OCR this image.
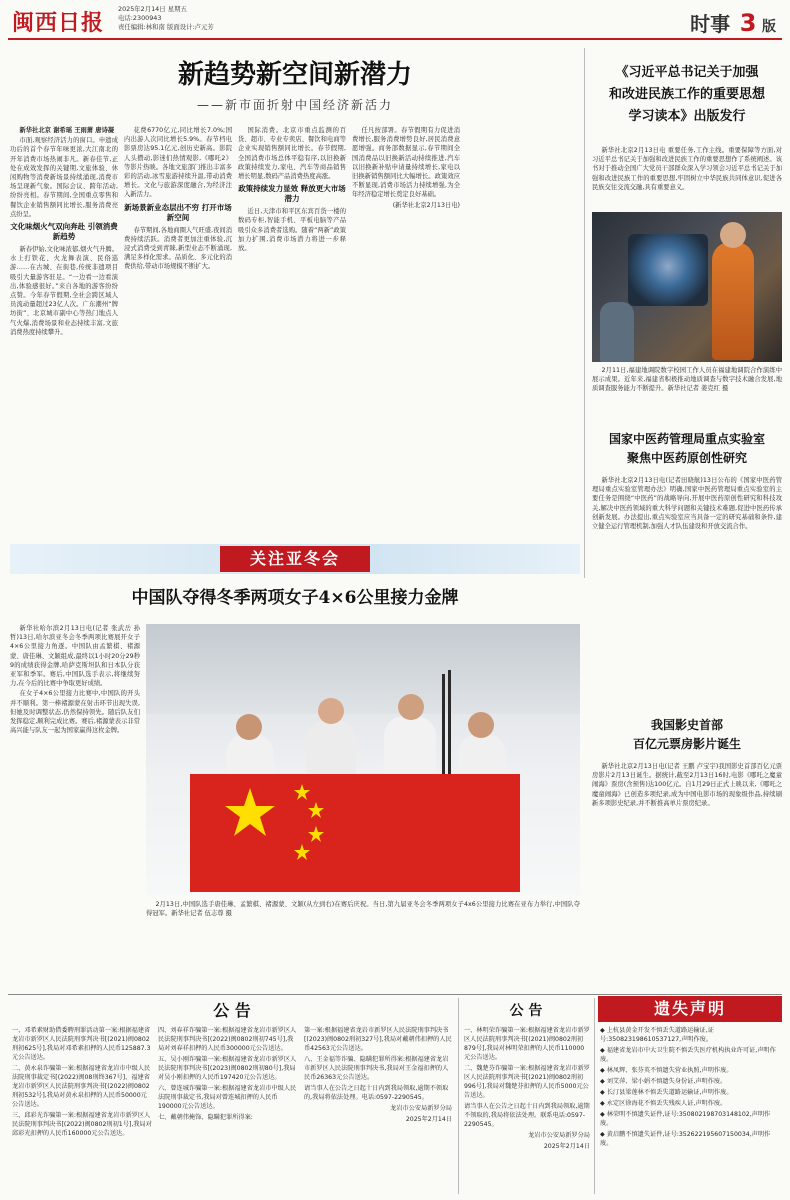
闽西日报
2025年2月14日 星期五
电话:2300943
责任编辑:林和南 版面设计:卢元芳	时事 3 版
新趋势新空间新潜力
——新市面折射中国经济新活力

新华社北京 谢希瑶 王雨萧 唐诗凝

市面,观察经济活力的窗口。申遗成功后的首个春节年味更浓,大江南北的开年消费市场热闹非凡。新春佳节,正处在成效发挥的关键期,文旅体验、休闲购物等消费新场景持续涌现,消费市场呈现新气象。国际会议、跨年活动,纷纷亮相。春节期间,全国重点零售和餐饮企业销售额同比增长,服务消费亮点纷呈。

文化味烟火气双向奔赴 引领消费新趋势

新春伊始,文化味浓郁,烟火气升腾。水上打铁花、火龙舞表演、民俗巡游……在古城、在街巷,传统非遗项目吸引大量游客驻足。“一边看一边看演出,体验感很好。”来自各地的游客纷纷点赞。今年春节假期,全社会跨区域人员流动量超过23亿人次。广东潮州“牌坊街”、北京城市副中心等热门地点人气火爆,消费场景和业态持续丰富,文旅消费热度持续攀升。

花费6770亿元,同比增长7.0%;国内出游人次同比增长5.9%。春节档电影票房达95.1亿元,创历史新高。影院人头攒动,影迷们热情观影,《哪吒2》等影片热映。各地文旅部门推出丰富多彩的活动,冰雪旅游持续升温,带动消费增长。文化与旅游深度融合,为经济注入新活力。

新场景新业态层出不穷 打开市场新空间

春节期间,各地商圈人气旺盛,夜间消费持续活跃。消费者更加注重体验,沉浸式消费受到青睐,新型业态不断涌现,满足多样化需求。品质化、多元化的消费供给,带动市场规模不断扩大。

国际消费。北京市重点监测的百货、超市、专业专卖店、餐饮和电商等企业实现销售额同比增长。春节假期,全国消费市场总体平稳有序,以旧换新政策持续发力,家电、汽车等商品销售增长明显,数码产品消费热度高涨。

政策持续发力显效 释放更大市场潜力

近日,天津市和平区东宾百货一楼的数码专柜,智能手机、平板电脑等产品吸引众多消费者选购。随着“两新”政策加力扩围,消费市场潜力将进一步释放。

任凡按部署。春节假期有力促进消费增长,服务消费增势良好,居民消费意愿增强。商务部数据显示,春节期间全国消费品以旧换新活动持续推进,汽车以旧换新补贴申请量持续增长,家电以旧换新销售额同比大幅增长。政策效应不断显现,消费市场活力持续增强,为全年经济稳定增长奠定良好基础。

(新华社北京2月13日电)

《习近平总书记关于加强
和改进民族工作的重要思想
学习读本》出版发行
新华社北京2月13日电 重要任务,工作主线。重要保障等方面,对习近平总书记关于加强和改进民族工作的重要思想作了系统阐述。该书对于推动全国广大党员干部群众深入学习领会习近平总书记关于加强和改进民族工作的重要思想,牢固树立中华民族共同体意识,促进各民族交往交流交融,具有重要意义。
2月11日,福建地调院数字校园工作人员在福建地调院合作演练中展示成果。近年来,福建省积极推动地质调查与数字技术融合发展,地质调查服务能力不断提升。新华社记者 姜克红 摄
国家中医药管理局重点实验室
聚焦中医药原创性研究
新华社北京2月13日电(记者田晓航)13日公布的《国家中医药管理局重点实验室管理办法》明确,国家中医药管理局重点实验室的主要任务是围绕“中医药”的战略导向,开展中医药原创性研究和科技攻关,解决中医药领域的重大科学问题和关键技术难题,促进中医药传承创新发展。办法提出,重点实验室应当具备一定的研究基础和条件,建立健全运行管理机制,加强人才队伍建设和开放交流合作。
我国影史首部
百亿元票房影片诞生
新华社北京2月13日电(记者 王鹏 卢宝宇)我国影史首部百亿元票房影片2月13日诞生。据统计,截至2月13日16时,电影《哪吒之魔童闹海》票房(含预售)达100亿元。自1月29日正式上映以来,《哪吒之魔童闹海》已创造多项纪录,成为中国电影市场的现象级作品,持续刷新多项影史纪录,并不断推高单片票房纪录。
关注亚冬会
中国队夺得冬季两项女子4×6公里接力金牌

新华社哈尔滨2月13日电(记者 张武岳 孙哲)13日,哈尔滨亚冬会冬季两项比赛展开女子4×6公里接力角逐。中国队由孟繁棋、褚源蒙、唐佳琳、文颖组成,最终以1小时20分29秒9的成绩获得金牌,哈萨克斯坦队和日本队分获亚军和季军。赛后,中国队选手表示,将继续努力,在今后的比赛中争取更好成绩。

在女子4×6公里接力比赛中,中国队的开头并不顺利。第一棒褚源蒙在射击环节出现失误,但她及时调整状态,仍然保持领先。随后队友们发挥稳定,顺利完成比赛。赛后,褚源蒙表示非常高兴能与队友一起为国家赢得这枚金牌。

2月13日,中国队选手唐佳琳、孟繁棋、褚源蒙、文颖(从左到右)在赛后庆祝。当日,第九届亚冬会冬季两项女子4x6公里接力比赛在亚布力举行,中国队夺得冠军。新华社记者 伍志尊 摄
公 告

一、邓希素财助借委聘刑罪活动第一案:根据福建省龙岩市新罗区人民法院刑事判决书[(2021)闽0802刑初625号],我局对邓希素扣押的人民币125887.3元公告送达。

二、黄永泉诈骗第一案:根据福建省龙岩市中级人民法院刑事裁定书[(2022)闽08刑终367号]、福建省龙岩市新罗区人民法院刑事判决书[(2022)闽0802刑初532号],我局对黄永泉扣押的人民币50000元公告送达。

三、邱彩光诈骗第一案:根据福建省龙岩市新罗区人民法院刑事判决书[(2022)闽0802刑初1号],我局对邱彩光扣押的人民币160000元公告送达。

四、刘春祥诈骗第一案:根据福建省龙岩市新罗区人民法院刑事判决书[(2022)闽0802刑初745号],我局对刘春祥扣押的人民币300000元公告送达。

五、吴小刚诈骗第一案:根据福建省龙岩市新罗区人民法院刑事判决书[(2023)闽0802刑初80号],我局对吴小刚扣押的人民币197420元公告送达。

六、曾连城诈骗第一案:根据福建省龙岩市中级人民法院刑事裁定书,我局对曾连城扣押的人民币190000元公告送达。

七、戴朝伟掩饰、隐瞒犯罪所得案:

第一案:根据福建省龙岩市新罗区人民法院刑事判决书[(2023)闽0802刑初327号],我局对戴朝伟扣押的人民币42563元公告送达。

八、王金福等诈骗、隐瞒犯罪所得案:根据福建省龙岩市新罗区人民法院刑事判决书,我局对王金福扣押的人民币26363元公告送达。

请当事人在公告之日起十日内到我局领取,逾期不领取的,我局将依法处理。电话:0597-2290545。

龙岩市公安局新罗分局

2025年2月14日

公 告

一、林明荣诈骗第一案:根据福建省龙岩市新罗区人民法院刑事判决书[(2021)闽0802刑初879号],我局对林明荣扣押的人民币110000元公告送达。

二、魏楚芬诈骗第一案:根据福建省龙岩市新罗区人民法院刑事判决书[(2021)闽0802刑初996号],我局对魏楚芬扣押的人民币5000元公告送达。

请当事人在公告之日起十日内到我局领取,逾期不领取的,我局将依法处理。联系电话:0597-2290545。

龙岩市公安局新罗分局

2025年2月14日

遗失声明

◆ 上杭县黄金开发不慎丢失道路运输证,证号:350823198610537127,声明作废。

◆ 福建省龙岩市中大卫生院不慎丢失医疗机构执业许可证,声明作废。

◆ 林凤辉、张芬英不慎遗失营业执照,声明作废。

◆ 刘艾萍、梁小娟不慎遗失身份证,声明作废。

◆ 长汀县梁莲林不慎丢失道路运输证,声明作废。

◆ 永定区徐海花不慎丢失残疾人证,声明作废。

◆ 林荣明不慎遗失证件,证号:350802198703148102,声明作废。

◆ 黄启鹏不慎遗失证件,证号:352622195607150034,声明作废。
